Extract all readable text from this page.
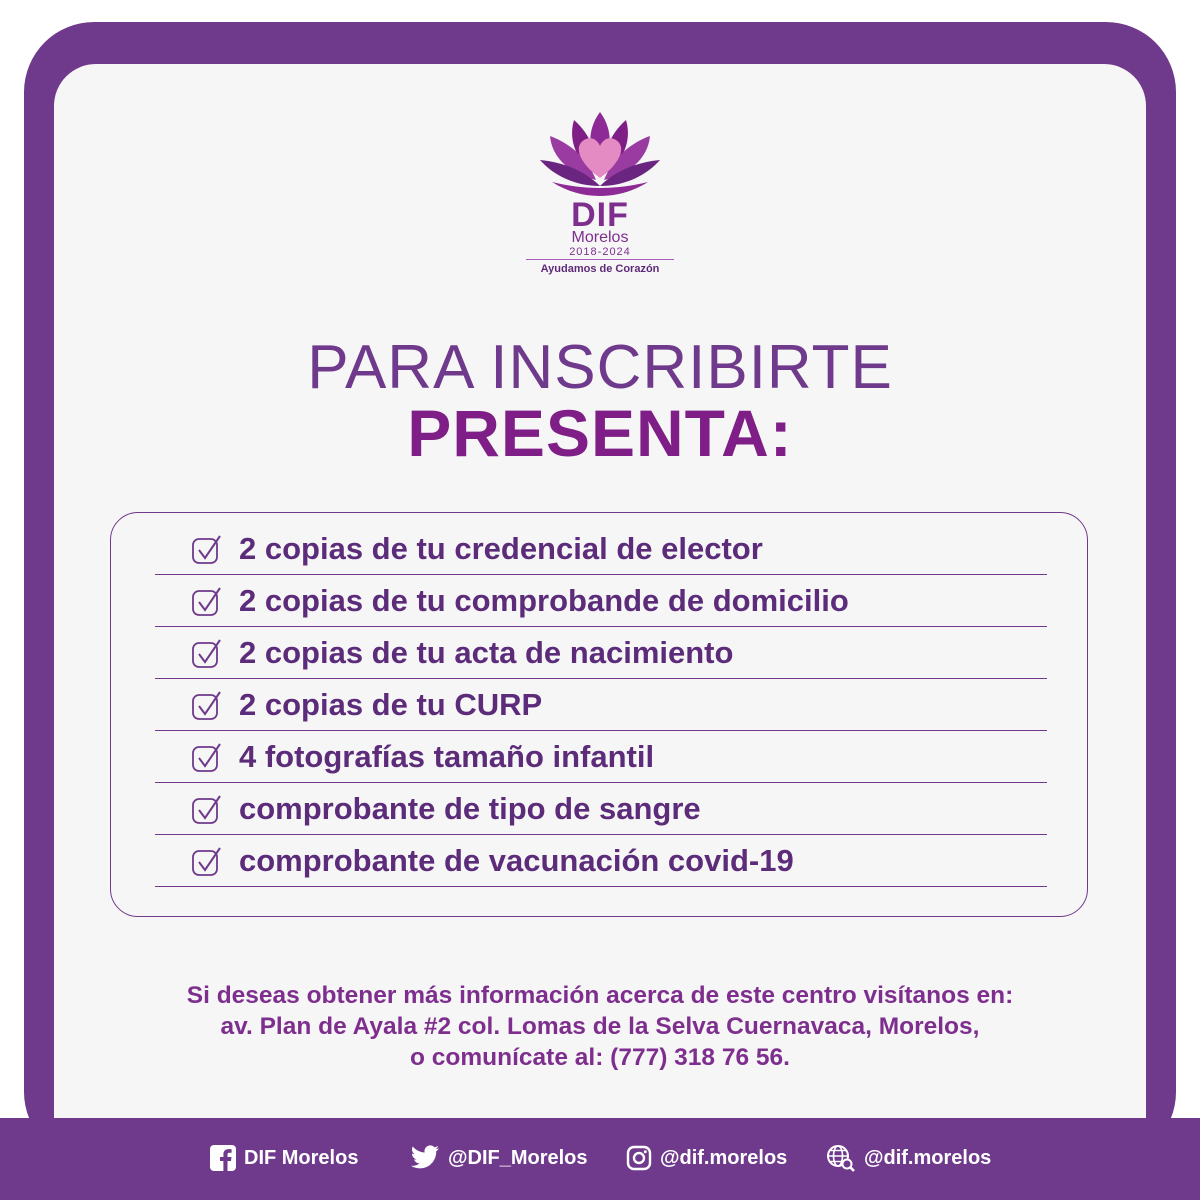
DIF
Morelos
2018-2024
Ayudamos de Corazón
PARA INSCRIBIRTE
PRESENTA:
2 copias de tu credencial de elector
2 copias de tu comprobande de domicilio
2 copias de tu acta de nacimiento
2 copias de tu CURP
4 fotografías tamaño infantil
comprobante de tipo de sangre
comprobante de vacunación covid-19
Si deseas obtener más información acerca de este centro visítanos en:
av. Plan de Ayala #2 col. Lomas de la Selva Cuernavaca, Morelos,
o comunícate al: (777) 318 76 56.
DIF Morelos	@DIF_Morelos	@dif.morelos	@dif.morelos
